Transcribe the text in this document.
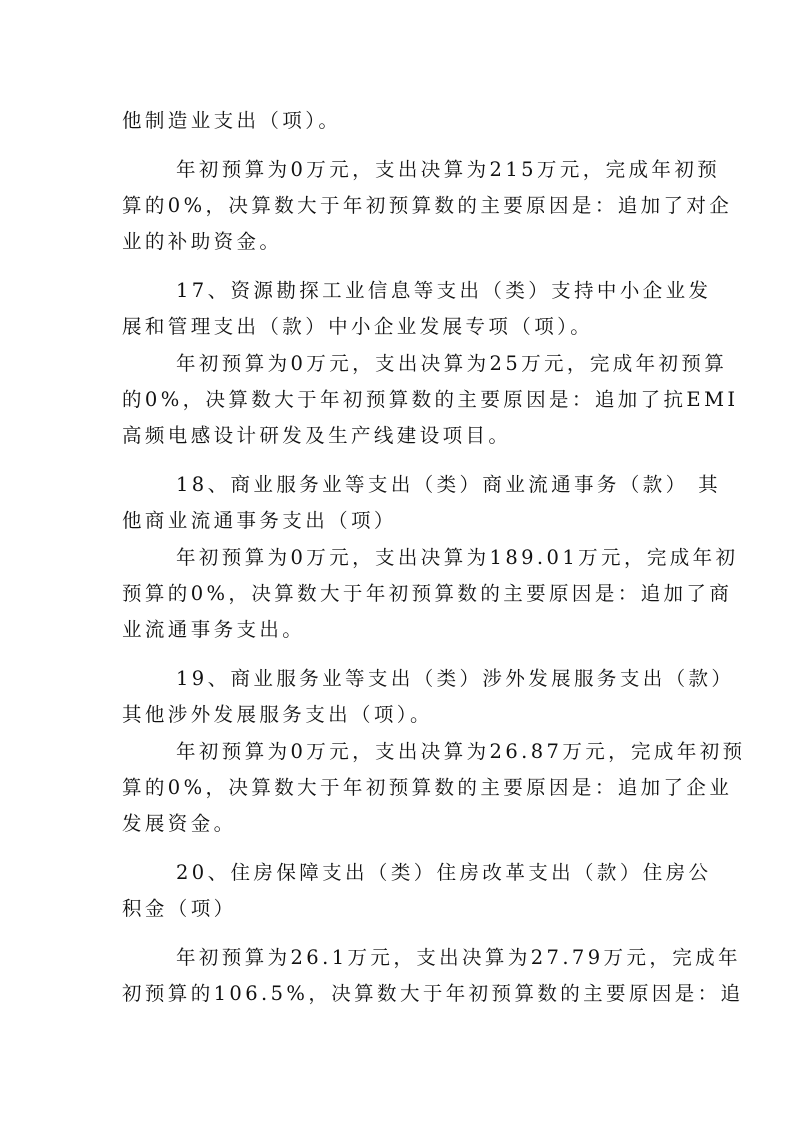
他制造业支出（项）。

年初预算为0万元，支出决算为215万元，完成年初预

算的0%，决算数大于年初预算数的主要原因是：追加了对企

业的补助资金。

17、资源勘探工业信息等支出（类）支持中小企业发

展和管理支出（款）中小企业发展专项（项）。

年初预算为0万元，支出决算为25万元，完成年初预算

的0%，决算数大于年初预算数的主要原因是：追加了抗EMI

高频电感设计研发及生产线建设项目。

18、商业服务业等支出（类）商业流通事务（款） 其

他商业流通事务支出（项）

年初预算为0万元，支出决算为189.01万元，完成年初

预算的0%，决算数大于年初预算数的主要原因是：追加了商

业流通事务支出。

19、商业服务业等支出（类）涉外发展服务支出（款）

其他涉外发展服务支出（项）。

年初预算为0万元，支出决算为26.87万元，完成年初预

算的0%，决算数大于年初预算数的主要原因是：追加了企业

发展资金。

20、住房保障支出（类）住房改革支出（款）住房公

积金（项）

年初预算为26.1万元，支出决算为27.79万元，完成年

初预算的106.5%，决算数大于年初预算数的主要原因是：追
